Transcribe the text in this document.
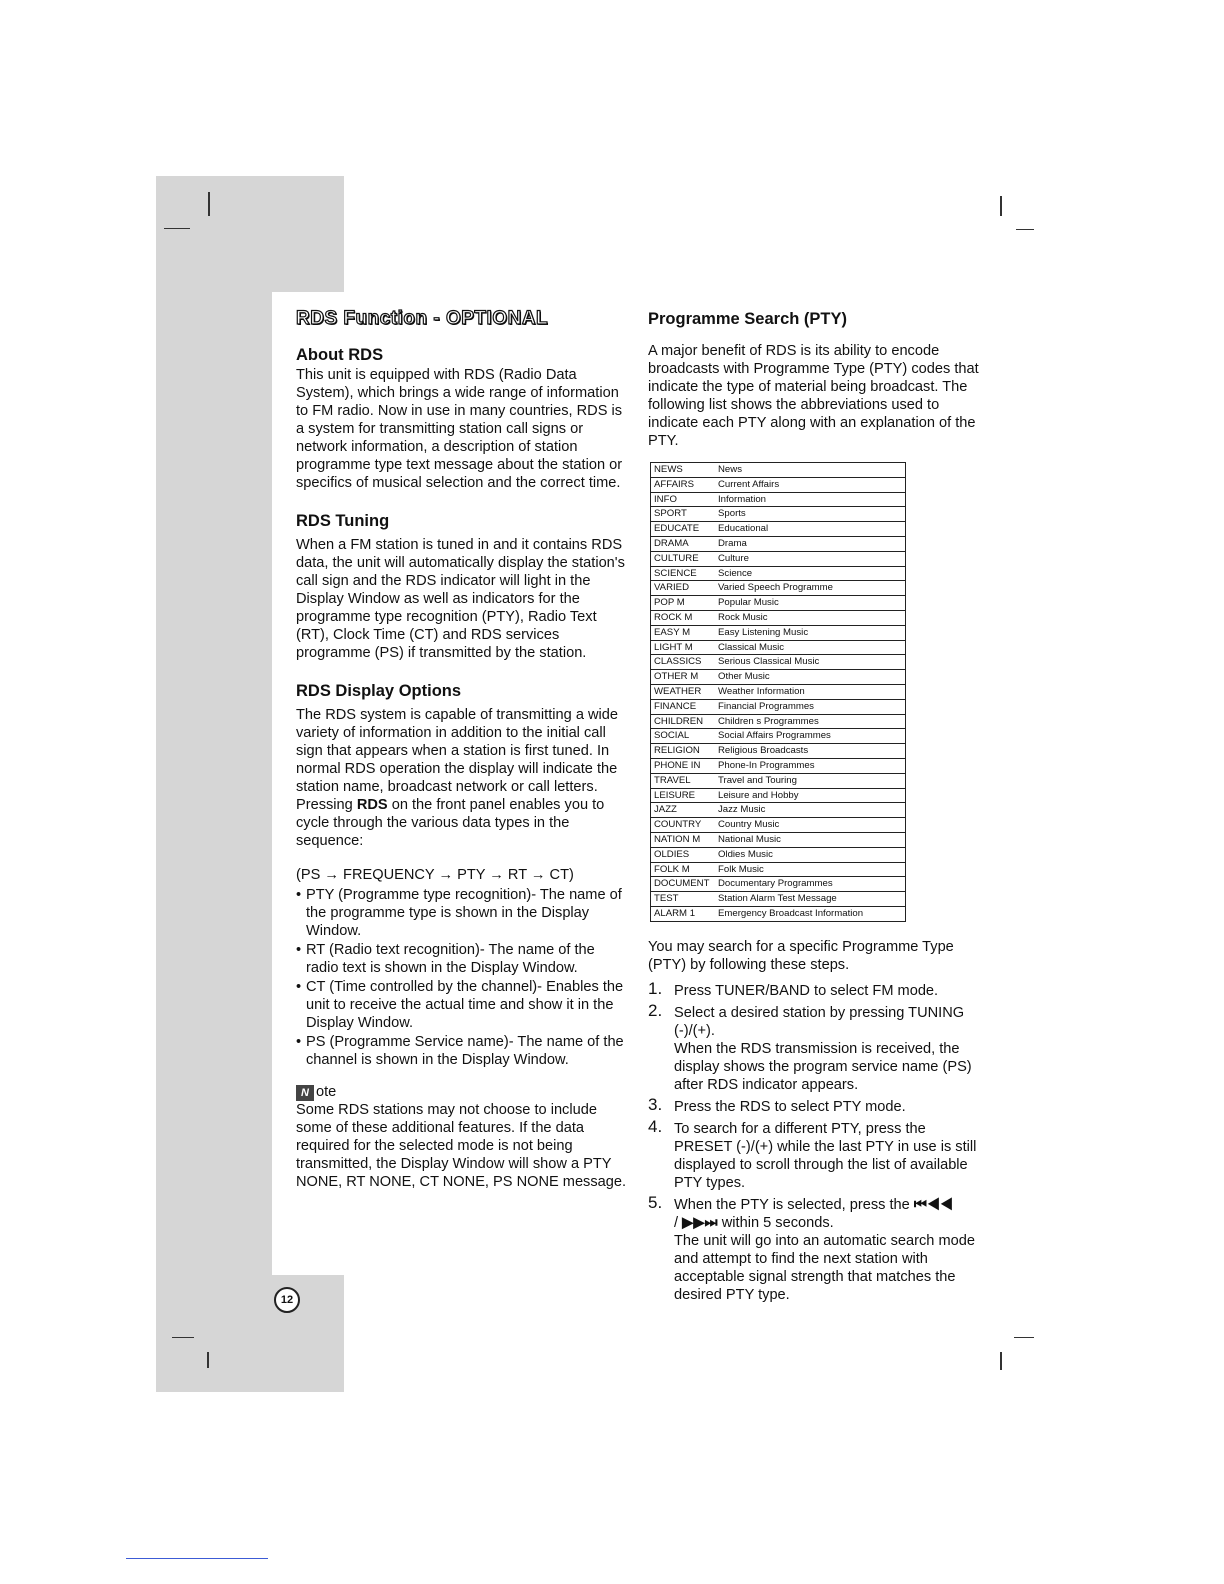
RDS Function - OPTIONAL
About RDS

This unit is equipped with RDS (Radio Data System), which brings a wide range of information to FM radio. Now in use in many countries, RDS is a system for transmitting station call signs or network information, a description of station programme type text message about the station or specifics of musical selection and the correct time.

RDS Tuning

When a FM station is tuned in and it contains RDS data, the unit will automatically display the station's call sign and the RDS indicator will light in the Display Window as well as indicators for the programme type recognition (PTY), Radio Text (RT), Clock Time (CT) and RDS services programme (PS) if transmitted by the station.

RDS Display Options

The RDS system is capable of transmitting a wide variety of information in addition to the initial call sign that appears when a station is first tuned. In normal RDS operation the display will indicate the station name, broadcast network or call letters. Pressing RDS on the front panel enables you to cycle through the various data types in the sequence:

(PS → FREQUENCY → PTY → RT → CT)
• PTY (Programme type recognition)- The name of the programme type is shown in the Display Window.
• RT (Radio text recognition)- The name of the radio text is shown in the Display Window.
• CT (Time controlled by the channel)- Enables the unit to receive the actual time and show it in the Display Window.
• PS (Programme Service name)- The name of the channel is shown in the Display Window.
N ote

Some RDS stations may not choose to include some of these additional features. If the data required for the selected mode is not being transmitted, the Display Window will show a PTY NONE, RT NONE, CT NONE, PS NONE message.

Programme Search (PTY)

A major benefit of RDS is its ability to encode broadcasts with Programme Type (PTY) codes that indicate the type of material being broadcast. The following list shows the abbreviations used to indicate each PTY along with an explanation of the PTY.

NEWS	News
AFFAIRS	Current Affairs
INFO	Information
SPORT	Sports
EDUCATE	Educational
DRAMA	Drama
CULTURE	Culture
SCIENCE	Science
VARIED	Varied Speech Programme
POP M	Popular Music
ROCK M	Rock Music
EASY M	Easy Listening Music
LIGHT M	Classical Music
CLASSICS	Serious Classical Music
OTHER M	Other Music
WEATHER	Weather Information
FINANCE	Financial Programmes
CHILDREN	Children s Programmes
SOCIAL	Social Affairs Programmes
RELIGION	Religious Broadcasts
PHONE IN	Phone-In Programmes
TRAVEL	Travel and Touring
LEISURE	Leisure and Hobby
JAZZ	Jazz Music
COUNTRY	Country Music
NATION M	National Music
OLDIES	Oldies Music
FOLK M	Folk Music
DOCUMENT	Documentary Programmes
TEST	Station Alarm Test Message
ALARM 1	Emergency Broadcast Information

You may search for a specific Programme Type (PTY) by following these steps.

1. Press TUNER/BAND to select FM mode.
2. Select a desired station by pressing TUNING (-)/(+).
When the RDS transmission is received, the display shows the program service name (PS) after RDS indicator appears.
3. Press the RDS to select PTY mode.
4. To search for a different PTY, press the PRESET (-)/(+) while the last PTY in use is still displayed to scroll through the list of available PTY types.
5. When the PTY is selected, press the ⏮◀◀
/ ▶▶⏭ within 5 seconds.
The unit will go into an automatic search mode and attempt to find the next station with acceptable signal strength that matches the desired PTY type.
12
